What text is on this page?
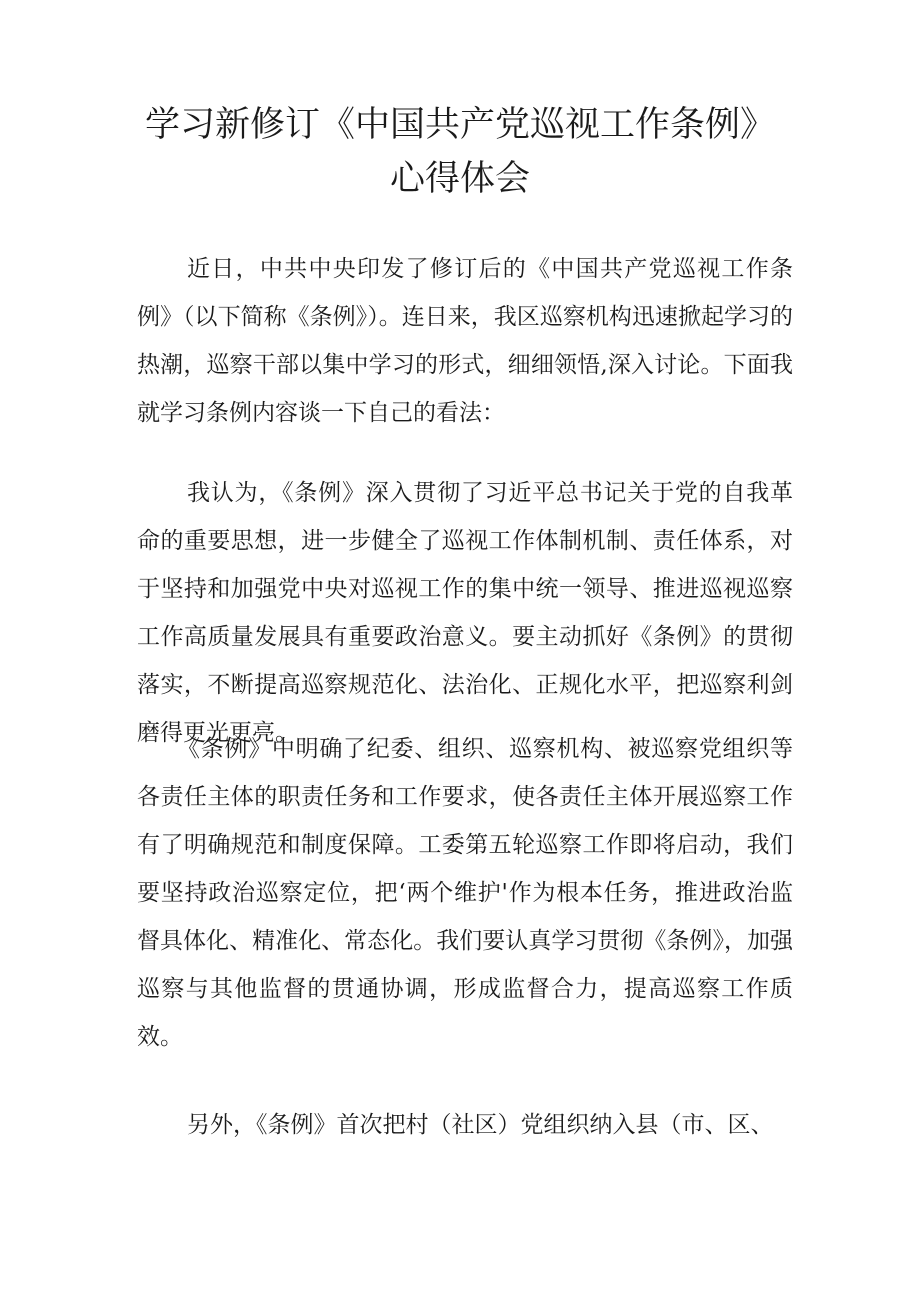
学习新修订《中国共产党巡视工作条例》
心得体会

近日，中共中央印发了修订后的《中国共产党巡视工作条例》（以下简称《条例》）。连日来，我区巡察机构迅速掀起学习的热潮，巡察干部以集中学习的形式，细细领悟,深入讨论。下面我就学习条例内容谈一下自己的看法：

我认为，《条例》深入贯彻了习近平总书记关于党的自我革命的重要思想，进一步健全了巡视工作体制机制、责任体系，对于坚持和加强党中央对巡视工作的集中统一领导、推进巡视巡察工作高质量发展具有重要政治意义。要主动抓好《条例》的贯彻落实，不断提高巡察规范化、法治化、正规化水平，把巡察利剑磨得更光更亮。

《条例》中明确了纪委、组织、巡察机构、被巡察党组织等各责任主体的职责任务和工作要求，使各责任主体开展巡察工作有了明确规范和制度保障。工委第五轮巡察工作即将启动，我们要坚持政治巡察定位，把‘两个维护'作为根本任务，推进政治监督具体化、精准化、常态化。我们要认真学习贯彻《条例》，加强巡察与其他监督的贯通协调，形成监督合力，提高巡察工作质效。

另外，《条例》首次把村（社区）党组织纳入县（市、区、
